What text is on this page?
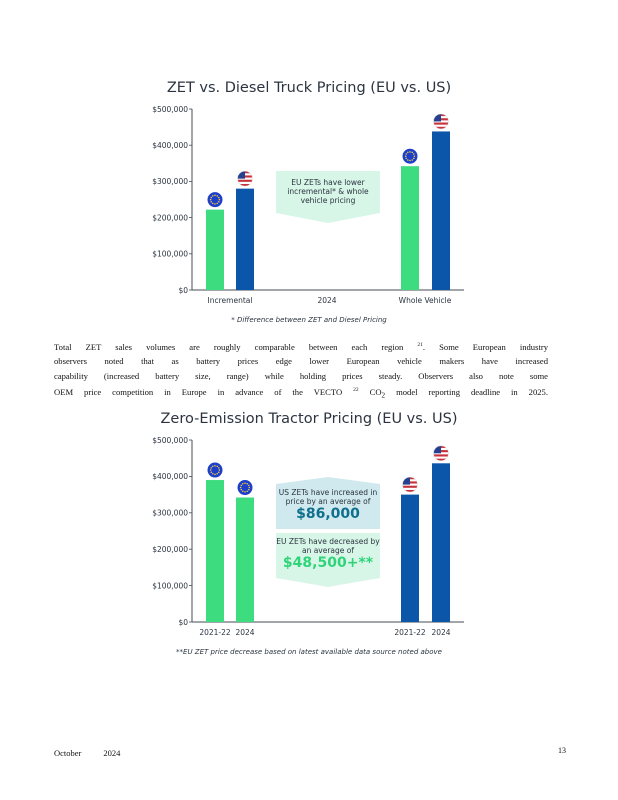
ZET vs. Diesel Truck Pricing (EU vs. US)
$500,000
$400,000
$300,000
$200,000
$100,000
$0
Incremental	2024	Whole Vehicle
EU ZETs have lower incremental* & whole vehicle pricing
* Difference between ZET and Diesel Pricing
Total ZET sales volumes are roughly comparable between each region $^{21}$. Some European industry
observers noted that as battery prices edge lower European vehicle makers have increased
capability (increased battery size, range) while holding prices steady. Observers also note some
OEM price competition in Europe in advance of the VECTO $^{22}$ $CO_2$ model reporting deadline in 2025.
Zero-Emission Tractor Pricing (EU vs. US)
$500,000
$400,000
$300,000
$200,000
$100,000
$0
2021-22 2024	2021-22 2024
US ZETs have increased in price by an average of
$86,000
EU ZETs have decreased by an average of
$48,500+**
**EU ZET price decrease based on latest available data source noted above
October	2024	13
